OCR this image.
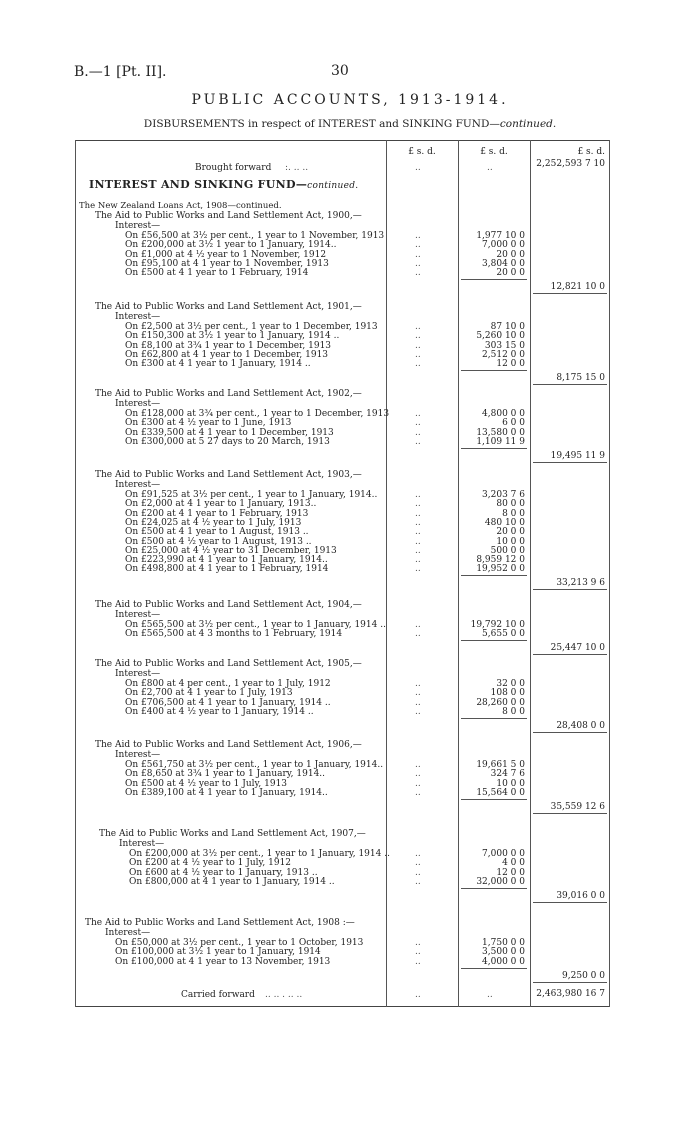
B.—1 [Pt. II].	30
PUBLIC ACCOUNTS, 1913-1914.
DISBURSEMENTS in respect of INTEREST and SINKING FUND—continued.
£ s. d.	£ s. d.	£ s. d.
Brought forward :. .. ..	..	..	2,252,593 7 10
INTEREST AND SINKING FUND—continued.
The New Zealand Loans Act, 1908—continued.
The Aid to Public Works and Land Settlement Act, 1900,—
Interest—
On £56,500 at 3½ per cent., 1 year to 1 November, 1913	..	1,977 10 0
On £200,000 at 3½ 1 year to 1 January, 1914..	..	7,000 0 0
On £1,000 at 4 ½ year to 1 November, 1912	..	20 0 0
On £95,100 at 4 1 year to 1 November, 1913	..	3,804 0 0
On £500 at 4 1 year to 1 February, 1914	..	20 0 0
12,821 10 0
The Aid to Public Works and Land Settlement Act, 1901,—
Interest—
On £2,500 at 3½ per cent., 1 year to 1 December, 1913	..	87 10 0
On £150,300 at 3½ 1 year to 1 January, 1914 ..	..	5,260 10 0
On £8,100 at 3¾ 1 year to 1 December, 1913	..	303 15 0
On £62,800 at 4 1 year to 1 December, 1913	..	2,512 0 0
On £300 at 4 1 year to 1 January, 1914 ..	..	12 0 0
8,175 15 0
The Aid to Public Works and Land Settlement Act, 1902,—
Interest—
On £128,000 at 3¾ per cent., 1 year to 1 December, 1913	..	4,800 0 0
On £300 at 4 ½ year to 1 June, 1913	..	6 0 0
On £339,500 at 4 1 year to 1 December, 1913	..	13,580 0 0
On £300,000 at 5 27 days to 20 March, 1913	..	1,109 11 9
19,495 11 9
The Aid to Public Works and Land Settlement Act, 1903,—
Interest—
On £91,525 at 3½ per cent., 1 year to 1 January, 1914..	..	3,203 7 6
On £2,000 at 4 1 year to 1 January, 1913..	..	80 0 0
On £200 at 4 1 year to 1 February, 1913	..	8 0 0
On £24,025 at 4 ½ year to 1 July, 1913	..	480 10 0
On £500 at 4 1 year to 1 August, 1913 ..	..	20 0 0
On £500 at 4 ½ year to 1 August, 1913 ..	..	10 0 0
On £25,000 at 4 ½ year to 31 December, 1913	..	500 0 0
On £223,990 at 4 1 year to 1 January, 1914..	..	8,959 12 0
On £498,800 at 4 1 year to 1 February, 1914	..	19,952 0 0
33,213 9 6
The Aid to Public Works and Land Settlement Act, 1904,—
Interest—
On £565,500 at 3½ per cent., 1 year to 1 January, 1914 ..	..	19,792 10 0
On £565,500 at 4 3 months to 1 February, 1914	..	5,655 0 0
25,447 10 0
The Aid to Public Works and Land Settlement Act, 1905,—
Interest—
On £800 at 4 per cent., 1 year to 1 July, 1912	..	32 0 0
On £2,700 at 4 1 year to 1 July, 1913	..	108 0 0
On £706,500 at 4 1 year to 1 January, 1914 ..	..	28,260 0 0
On £400 at 4 ½ year to 1 January, 1914 ..	..	8 0 0
28,408 0 0
The Aid to Public Works and Land Settlement Act, 1906,—
Interest—
On £561,750 at 3½ per cent., 1 year to 1 January, 1914..	..	19,661 5 0
On £8,650 at 3¾ 1 year to 1 January, 1914..	..	324 7 6
On £500 at 4 ½ year to 1 July, 1913	..	10 0 0
On £389,100 at 4 1 year to 1 January, 1914..	..	15,564 0 0
35,559 12 6
The Aid to Public Works and Land Settlement Act, 1907,—
Interest—
On £200,000 at 3½ per cent., 1 year to 1 January, 1914 ..	..	7,000 0 0
On £200 at 4 ½ year to 1 July, 1912	..	4 0 0
On £600 at 4 ½ year to 1 January, 1913 ..	..	12 0 0
On £800,000 at 4 1 year to 1 January, 1914 ..	..	32,000 0 0
39,016 0 0
The Aid to Public Works and Land Settlement Act, 1908 :—
Interest—
On £50,000 at 3½ per cent., 1 year to 1 October, 1913	..	1,750 0 0
On £100,000 at 3½ 1 year to 1 January, 1914	..	3,500 0 0
On £100,000 at 4 1 year to 13 November, 1913	..	4,000 0 0
9,250 0 0
Carried forward .. .. . .. ..	..	..	2,463,980 16 7
